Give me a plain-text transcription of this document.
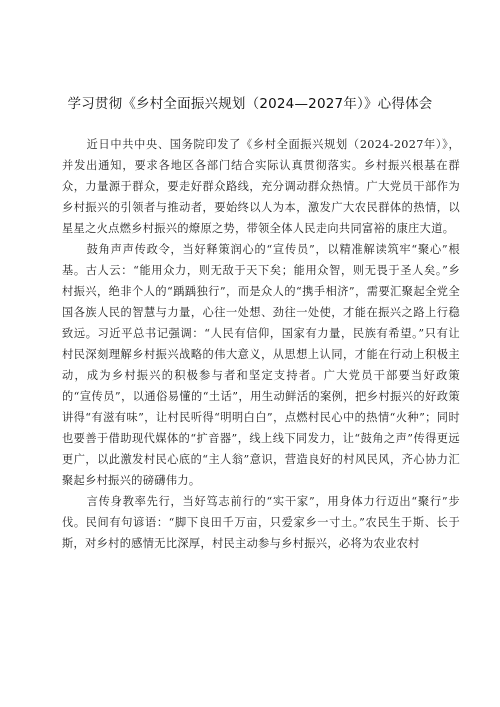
学习贯彻《乡村全面振兴规划（2024—2027年）》心得体会

近日中共中央、国务院印发了《乡村全面振兴规划（2024-2027年）》，并发出通知，要求各地区各部门结合实际认真贯彻落实。乡村振兴根基在群众，力量源于群众，要走好群众路线，充分调动群众热情。广大党员干部作为乡村振兴的引领者与推动者，要始终以人为本，激发广大农民群体的热情，以星星之火点燃乡村振兴的燎原之势，带领全体人民走向共同富裕的康庄大道。

鼓角声声传政令，当好释策润心的“宣传员”，以精准解读筑牢“聚心”根基。古人云：“能用众力，则无敌于天下矣；能用众智，则无畏于圣人矣。”乡村振兴，绝非个人的“踽踽独行”，而是众人的“携手相济”，需要汇聚起全党全国各族人民的智慧与力量，心往一处想、劲往一处使，才能在振兴之路上行稳致远。习近平总书记强调：“人民有信仰，国家有力量，民族有希望。”只有让村民深刻理解乡村振兴战略的伟大意义，从思想上认同，才能在行动上积极主动，成为乡村振兴的积极参与者和坚定支持者。广大党员干部要当好政策的“宣传员”，以通俗易懂的“土话”，用生动鲜活的案例，把乡村振兴的好政策讲得“有滋有味”，让村民听得“明明白白”，点燃村民心中的热情“火种”；同时也要善于借助现代媒体的“扩音器”，线上线下同发力，让“鼓角之声”传得更远更广，以此激发村民心底的“主人翁”意识，营造良好的村风民风，齐心协力汇聚起乡村振兴的磅礴伟力。

言传身教率先行，当好笃志前行的“实干家”，用身体力行迈出“聚行”步伐。民间有句谚语：“脚下良田千万亩，只爱家乡一寸土。”农民生于斯、长于斯，对乡村的感情无比深厚，村民主动参与乡村振兴，必将为农业农村
